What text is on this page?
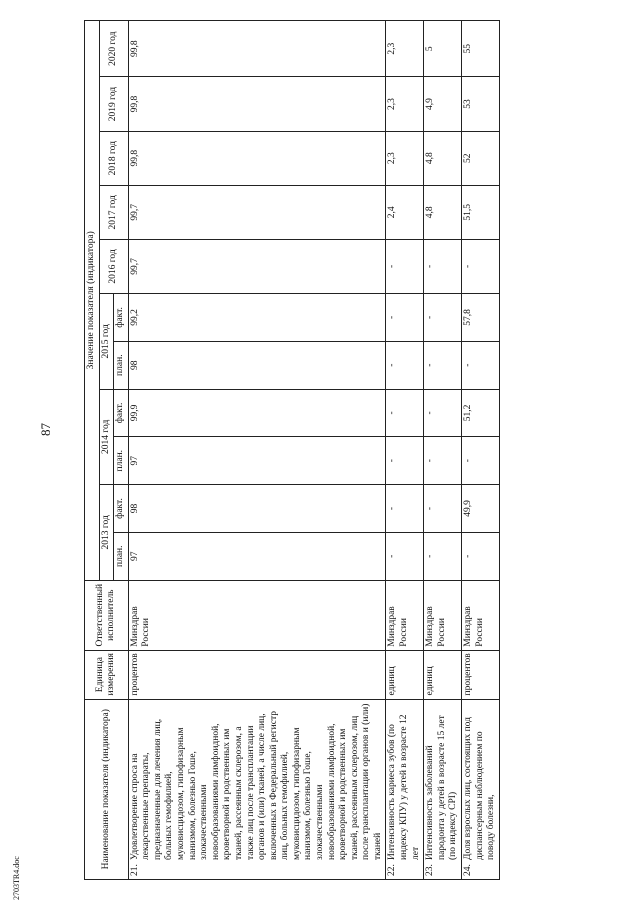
87
2703TR4.doc
Наименование показателя (индикатора)	Единица измерения	Ответственный исполнитель	Значение показателя (индикатора)										
			2013 год		2014 год		2015 год		2016 год	2017 год	2018 год	2019 год	2020 год
			план.	факт.	план.	факт.	план.	факт.					

21.
Удовлетворение спроса на лекарственные препараты, предназначенные для лечения лиц, больных гемофилией, муковисцидозом, гипофизарным нанизмом, болезнью Гоше, злокачественными новообразованиями лимфоидной, кроветворной и родственных им тканей, рассеянным склерозом, а также лиц после трансплантации органов и (или) тканей, а числе лиц, включенных в Федеральный регистр лиц, больных гемофилией, муковисцидозом, гипофизарным нанизмом, болезнью Гоше, злокачественными новообразованиями лимфоидной, кроветворной и родственных им тканей, рассеянным склерозом, лиц после трансплантации органов и (или) тканей	процентов	Минздрав России	97	98	97	99,9	98	99,2	99,7	99,7	99,8	99,8	99,8

22.
Интенсивность кариеса зубов (по индексу КПУ) у детей в возрасте 12 лет	единиц	Минздрав России	-	-	-	-	-	-	-	2,4	2,3	2,3	2,3

23.
Интенсивность заболеваний пародонта у детей в возрасте 15 лет (по индексу CPI)	единиц	Минздрав России	-	-	-	-	-	-	-	4,8	4,8	4,9	5

24.
Доля взрослых лиц, состоящих под диспансерным наблюдением по поводу болезни,	процентов	Минздрав России	-	49,9	-	51,2	-	57,8	-	51,5	52	53	55
